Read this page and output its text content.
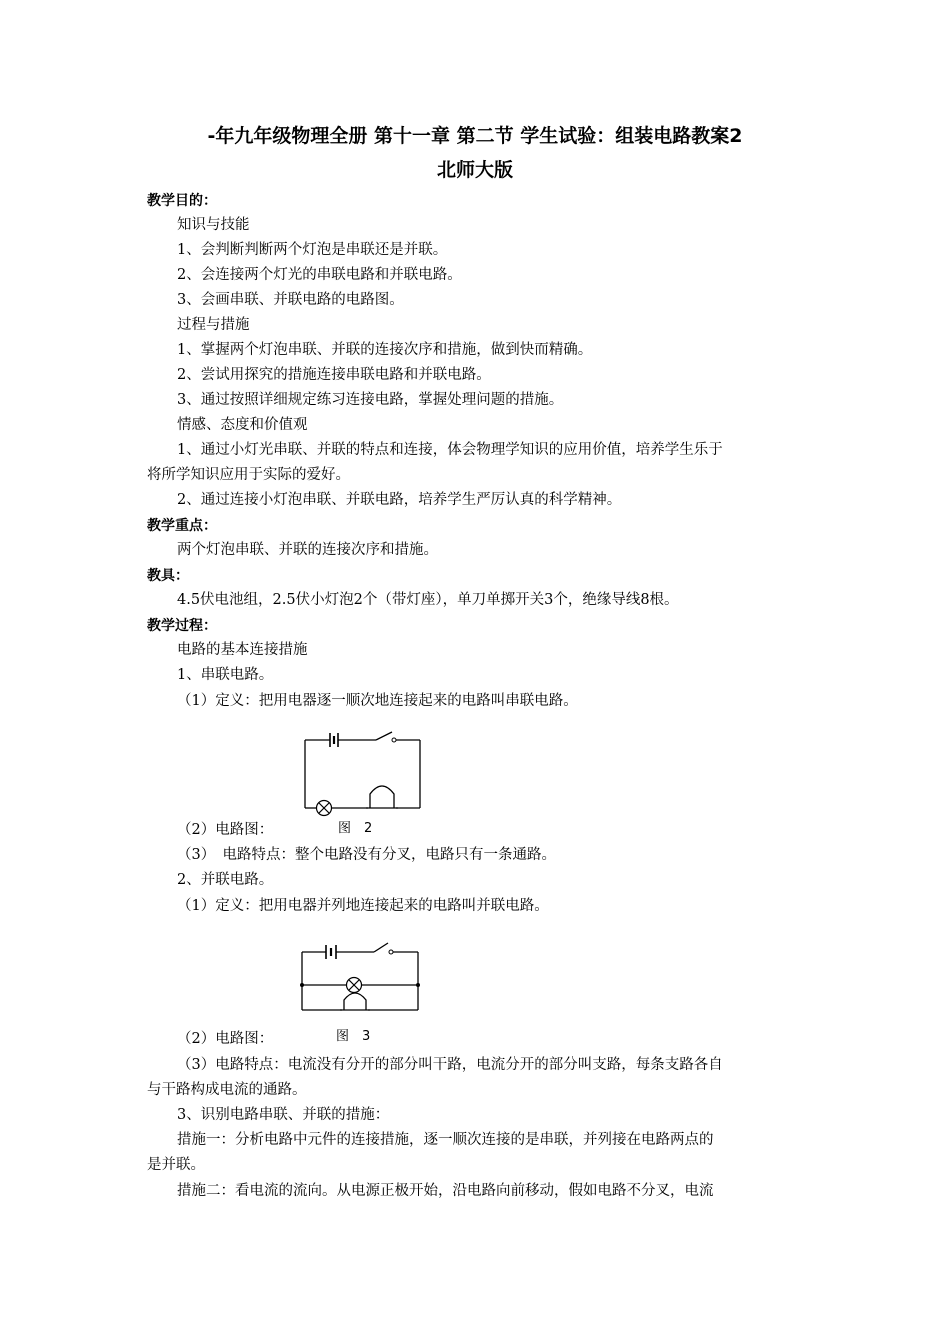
-年九年级物理全册 第十一章 第二节 学生试验：组装电路教案2
北师大版
教学目的：
知识与技能
1、会判断判断两个灯泡是串联还是并联。
2、会连接两个灯光的串联电路和并联电路。
3、会画串联、并联电路的电路图。
过程与措施
1、掌握两个灯泡串联、并联的连接次序和措施，做到快而精确。
2、尝试用探究的措施连接串联电路和并联电路。
3、通过按照详细规定练习连接电路，掌握处理问题的措施。
情感、态度和价值观
1、通过小灯光串联、并联的特点和连接，体会物理学知识的应用价值，培养学生乐于
将所学知识应用于实际的爱好。
2、通过连接小灯泡串联、并联电路，培养学生严厉认真的科学精神。
教学重点：
两个灯泡串联、并联的连接次序和措施。
教具：
4.5伏电池组，2.5伏小灯泡2个（带灯座），单刀单掷开关3个，绝缘导线8根。
教学过程：
电路的基本连接措施
1、串联电路。
（1）定义：把用电器逐一顺次地连接起来的电路叫串联电路。
图　2
（2）电路图：
（3）　电路特点：整个电路没有分叉，电路只有一条通路。
2、并联电路。
（1）定义：把用电器并列地连接起来的电路叫并联电路。
图　3
（2）电路图：
（3）电路特点：电流没有分开的部分叫干路，电流分开的部分叫支路，每条支路各自
与干路构成电流的通路。
3、识别电路串联、并联的措施：
措施一：分析电路中元件的连接措施，逐一顺次连接的是串联，并列接在电路两点的
是并联。
措施二：看电流的流向。从电源正极开始，沿电路向前移动，假如电路不分叉，电流
